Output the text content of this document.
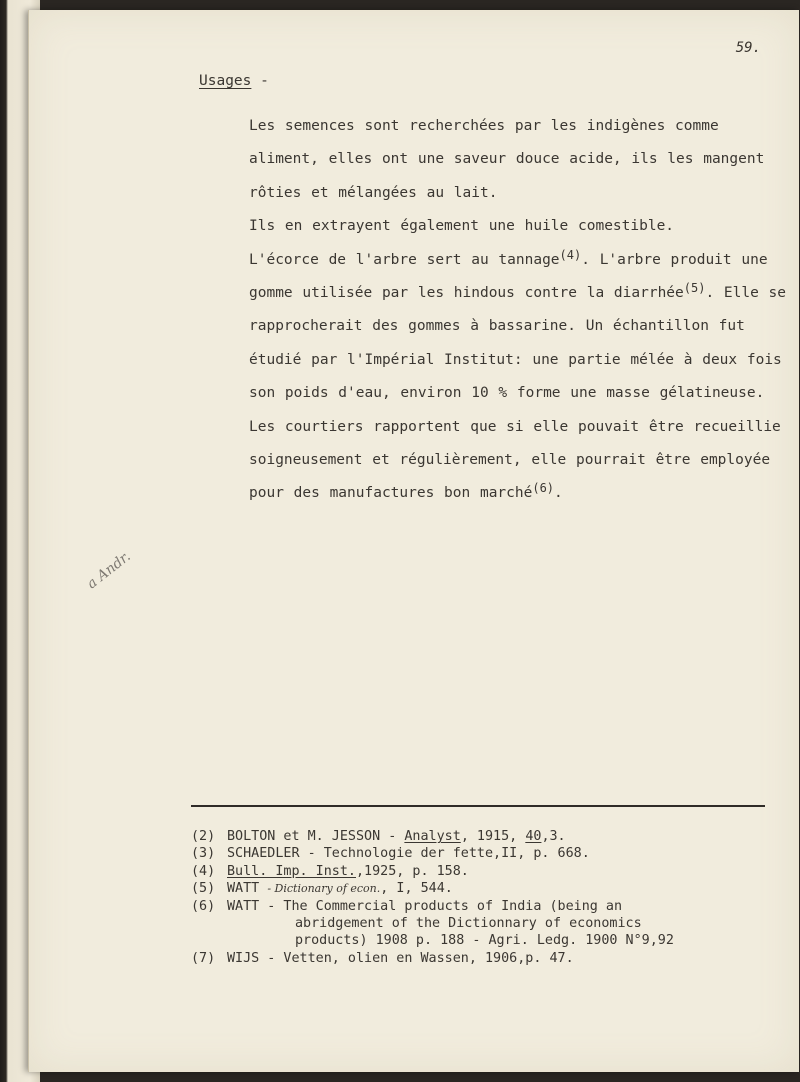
59.

Usages -

Les semences sont recherchées par les indigènes comme aliment, elles ont une saveur douce acide, ils les mangent rôties et mélangées au lait.

Ils en extrayent également une huile comestible.

L'écorce de l'arbre sert au tannage$^{(4)}$. L'arbre produit une gomme utilisée par les hindous contre la diarrhée$^{(5)}$. Elle se rapprocherait des gommes à bassarine. Un échantillon fut étudié par l'Impérial Institut: une partie mélée à deux fois son poids d'eau, environ 10 % forme une masse gélatineuse. Les courtiers rapportent que si elle pouvait être recueillie soigneusement et régulièrement, elle pourrait être employée pour des manufactures bon marché$^{(6)}$.

a Andr.

(2) BOLTON et M. JESSON - Analyst, 1915, 40,3.
(3) SCHAEDLER - Technologie der fette,II, p. 668.
(4) Bull. Imp. Inst.,1925, p. 158.
(5) WATT - Dictionary of econ., I, 544.
(6) WATT - The Commercial products of India (being an
abridgement of the Dictionnary of economics
products) 1908 p. 188 - Agri. Ledg. 1900 N°9,92
(7) WIJS - Vetten, olien en Wassen, 1906,p. 47.
